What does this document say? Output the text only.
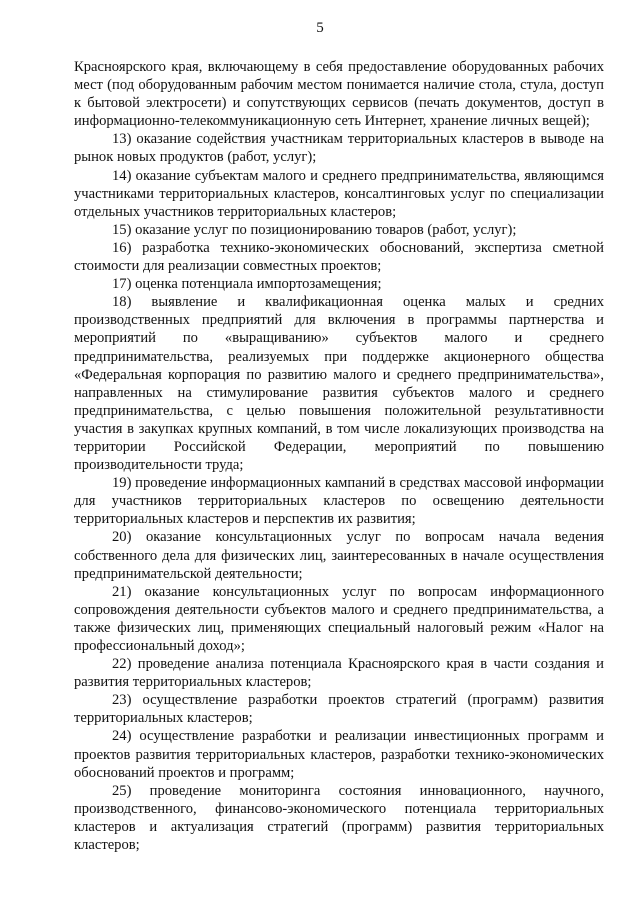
5

Красноярского края, включающему в себя предоставление оборудованных рабочих мест (под оборудованным рабочим местом понимается наличие стола, стула, доступ к бытовой электросети) и сопутствующих сервисов (печать документов, доступ в информационно-телекоммуникационную сеть Интернет, хранение личных вещей);

13) оказание содействия участникам территориальных кластеров в выводе на рынок новых продуктов (работ, услуг);

14) оказание субъектам малого и среднего предпринимательства, являющимся участниками территориальных кластеров, консалтинговых услуг по специализации отдельных участников территориальных кластеров;

15) оказание услуг по позиционированию товаров (работ, услуг);

16) разработка технико-экономических обоснований, экспертиза сметной стоимости для реализации совместных проектов;

17) оценка потенциала импортозамещения;

18) выявление и квалификационная оценка малых и средних производственных предприятий для включения в программы партнерства и мероприятий по «выращиванию» субъектов малого и среднего предпринимательства, реализуемых при поддержке акционерного общества «Федеральная корпорация по развитию малого и среднего предпринимательства», направленных на стимулирование развития субъектов малого и среднего предпринимательства, с целью повышения положительной результативности участия в закупках крупных компаний, в том числе локализующих производства на территории Российской Федерации, мероприятий по повышению производительности труда;

19) проведение информационных кампаний в средствах массовой информации для участников территориальных кластеров по освещению деятельности территориальных кластеров и перспектив их развития;

20) оказание консультационных услуг по вопросам начала ведения собственного дела для физических лиц, заинтересованных в начале осуществления предпринимательской деятельности;

21) оказание консультационных услуг по вопросам информационного сопровождения деятельности субъектов малого и среднего предпринимательства, а также физических лиц, применяющих специальный налоговый режим «Налог на профессиональный доход»;

22) проведение анализа потенциала Красноярского края в части создания и развития территориальных кластеров;

23) осуществление разработки проектов стратегий (программ) развития территориальных кластеров;

24) осуществление разработки и реализации инвестиционных программ и проектов развития территориальных кластеров, разработки технико-экономических обоснований проектов и программ;

25) проведение мониторинга состояния инновационного, научного, производственного, финансово-экономического потенциала территориальных кластеров и актуализация стратегий (программ) развития территориальных кластеров;
